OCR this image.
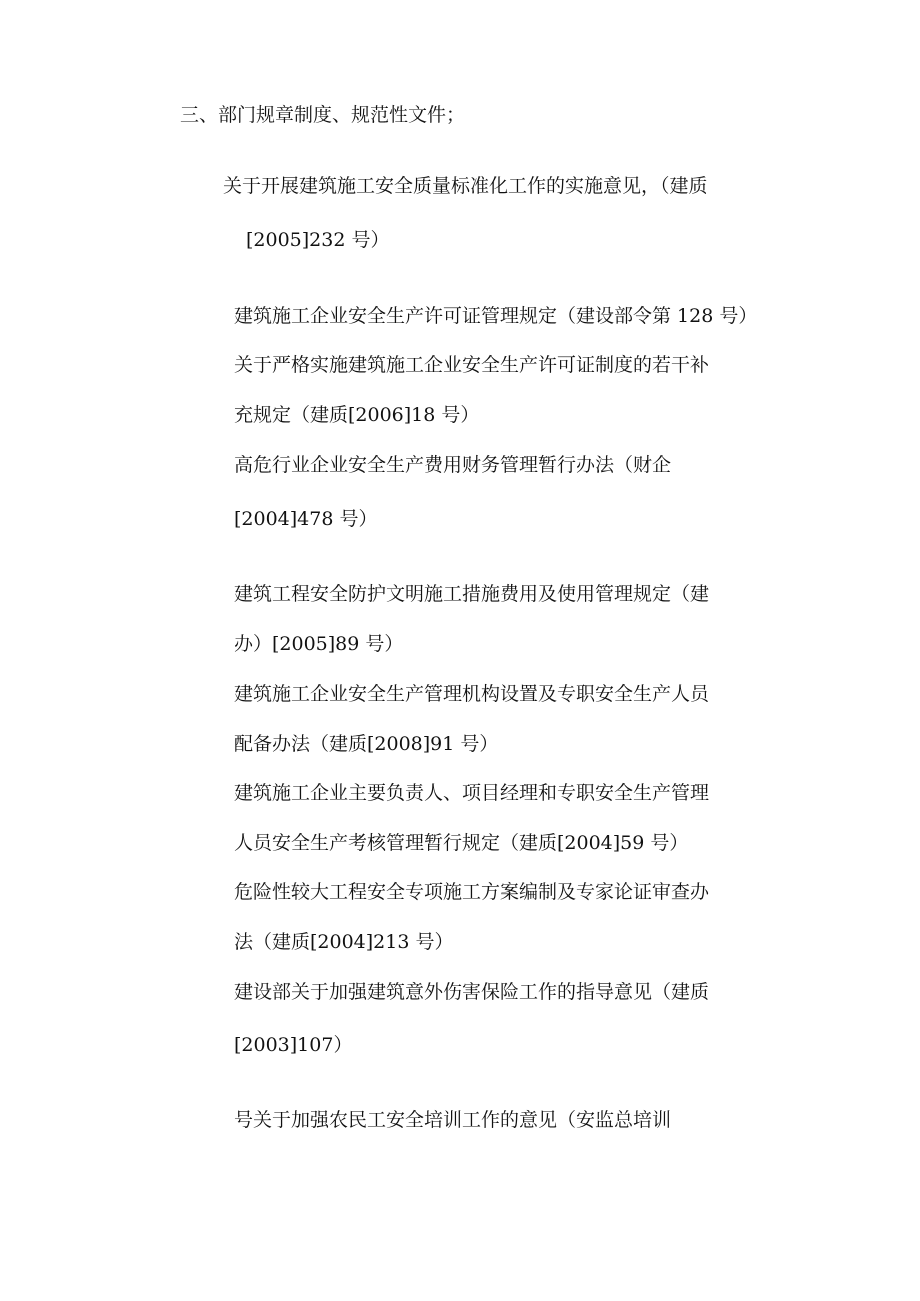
三、部门规章制度、规范性文件；
关于开展建筑施工安全质量标准化工作的实施意见，（建质
[2005]232 号）
建筑施工企业安全生产许可证管理规定（建设部令第 128 号）
关于严格实施建筑施工企业安全生产许可证制度的若干补
充规定（建质[2006]18 号）
高危行业企业安全生产费用财务管理暂行办法（财企
[2004]478 号）
建筑工程安全防护文明施工措施费用及使用管理规定（建
办）[2005]89 号）
建筑施工企业安全生产管理机构设置及专职安全生产人员
配备办法（建质[2008]91 号）
建筑施工企业主要负责人、项目经理和专职安全生产管理
人员安全生产考核管理暂行规定（建质[2004]59 号）
危险性较大工程安全专项施工方案编制及专家论证审查办
法（建质[2004]213 号）
建设部关于加强建筑意外伤害保险工作的指导意见（建质
[2003]107）
号关于加强农民工安全培训工作的意见（安监总培训
